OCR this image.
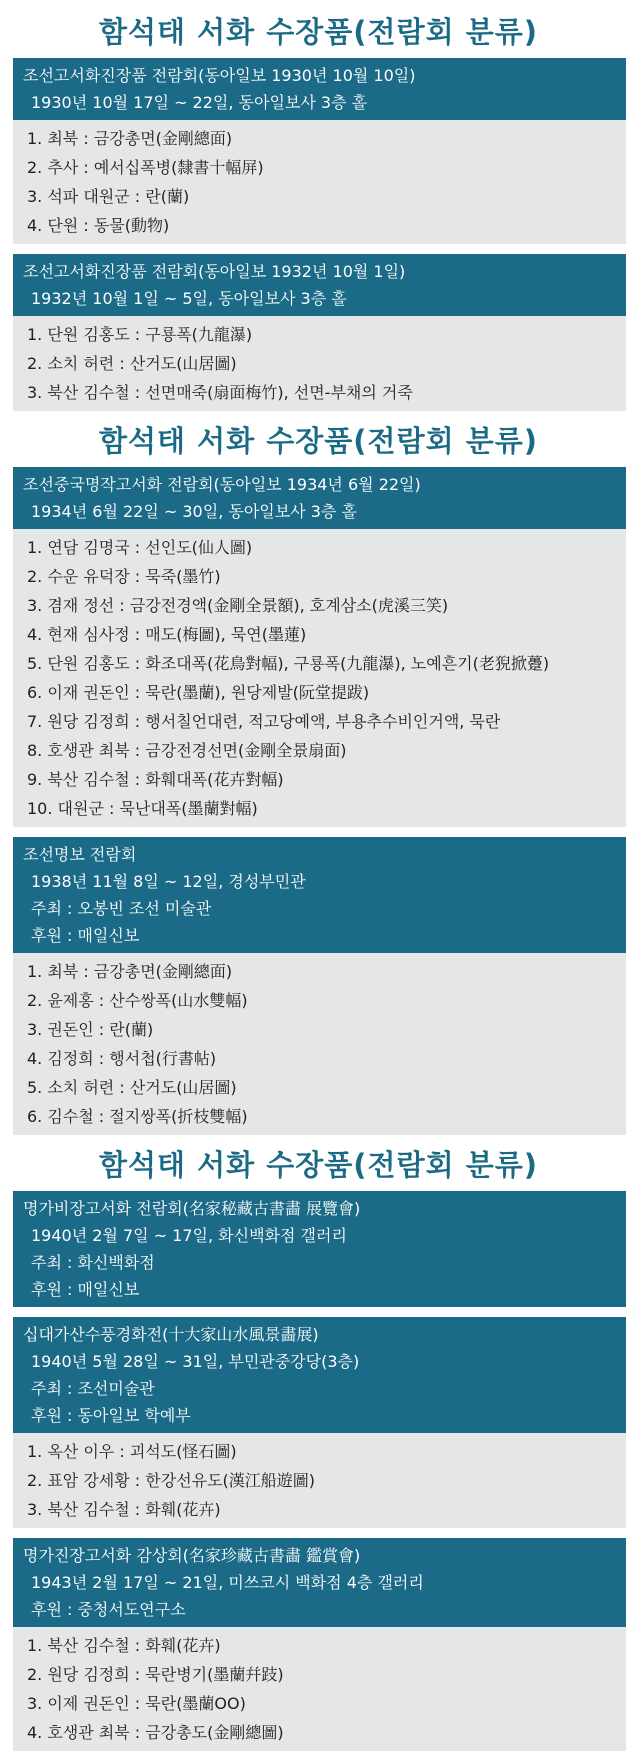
함석태 서화 수장품(전람회 분류)
조선고서화진장품 전람회(동아일보 1930년 10월 10일)
1930년 10월 17일 ~ 22일, 동아일보사 3층 홀
1. 최북 : 금강총면(金剛總面)
2. 추사 : 예서십폭병(隸書十幅屏)
3. 석파 대원군 : 란(蘭)
4. 단원 : 동물(動物)
조선고서화진장품 전람회(동아일보 1932년 10월 1일)
1932년 10월 1일 ~ 5일, 동아일보사 3층 홀
1. 단원 김홍도 : 구룡폭(九龍瀑)
2. 소치 허련 : 산거도(山居圖)
3. 북산 김수철 : 선면매죽(扇面梅竹), 선면-부채의 거죽
함석태 서화 수장품(전람회 분류)
조선중국명작고서화 전람회(동아일보 1934년 6월 22일)
1934년 6월 22일 ~ 30일, 동아일보사 3층 홀
1. 연담 김명국 : 선인도(仙人圖)
2. 수운 유덕장 : 묵죽(墨竹)
3. 겸재 정선 : 금강전경액(金剛全景額), 호계삼소(虎溪三笑)
4. 현재 심사정 : 매도(梅圖), 묵연(墨蓮)
5. 단원 김홍도 : 화조대폭(花鳥對幅), 구룡폭(九龍瀑), 노예흔기(老猊掀躉)
6. 이재 권돈인 : 묵란(墨蘭), 원당제발(阮堂提跋)
7. 원당 김정희 : 행서칠언대련, 적고당예액, 부용추수비인거액, 묵란
8. 호생관 최북 : 금강전경선면(金剛全景扇面)
9. 북산 김수철 : 화훼대폭(花卉對幅)
10. 대원군 : 묵난대폭(墨蘭對幅)
조선명보 전람회
1938년 11월 8일 ~ 12일, 경성부민관
주최 : 오봉빈 조선 미술관
후원 : 매일신보
1. 최북 : 금강총면(金剛總面)
2. 윤제홍 : 산수쌍폭(山水雙幅)
3. 권돈인 : 란(蘭)
4. 김정희 : 행서첩(行書帖)
5. 소치 허련 : 산거도(山居圖)
6. 김수철 : 절지쌍폭(折枝雙幅)
함석태 서화 수장품(전람회 분류)
명가비장고서화 전람회(名家秘藏古書畵 展覽會)
1940년 2월 7일 ~ 17일, 화신백화점 갤러리
주최 : 화신백화점
후원 : 매일신보
십대가산수풍경화전(十大家山水風景畵展)
1940년 5월 28일 ~ 31일, 부민관중강당(3층)
주최 : 조선미술관
후원 : 동아일보 학예부
1. 옥산 이우 : 괴석도(怪石圖)
2. 표암 강세황 : 한강선유도(漢江船遊圖)
3. 북산 김수철 : 화훼(花卉)
명가진장고서화 감상회(名家珍藏古書畵 鑑賞會)
1943년 2월 17일 ~ 21일, 미쓰코시 백화점 4층 갤러리
후원 : 중청서도연구소
1. 북산 김수철 : 화훼(花卉)
2. 원당 김정희 : 묵란병기(墨蘭幷跂)
3. 이제 권돈인 : 묵란(墨蘭OO)
4. 호생관 최북 : 금강총도(金剛總圖)
